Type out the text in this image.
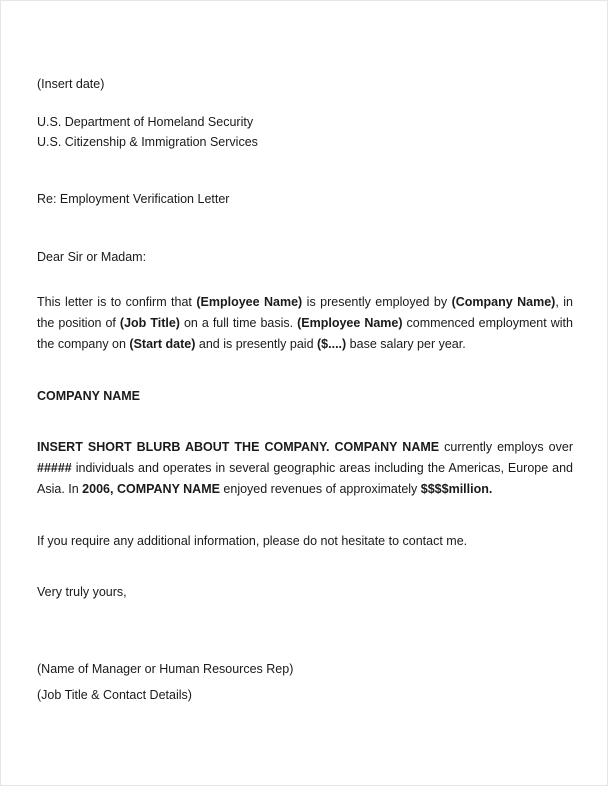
(Insert date)
U.S. Department of Homeland Security
U.S. Citizenship & Immigration Services
Re: Employment Verification Letter
Dear Sir or Madam:
This letter is to confirm that (Employee Name) is presently employed by (Company Name), in the position of (Job Title) on a full time basis. (Employee Name) commenced employment with the company on (Start date) and is presently paid ($....) base salary per year.
COMPANY NAME
INSERT SHORT BLURB ABOUT THE COMPANY. COMPANY NAME currently employs over ##### individuals and operates in several geographic areas including the Americas, Europe and Asia. In 2006, COMPANY NAME enjoyed revenues of approximately $$$$million.
If you require any additional information, please do not hesitate to contact me.
Very truly yours,
(Name of Manager or Human Resources Rep)
(Job Title & Contact Details)
